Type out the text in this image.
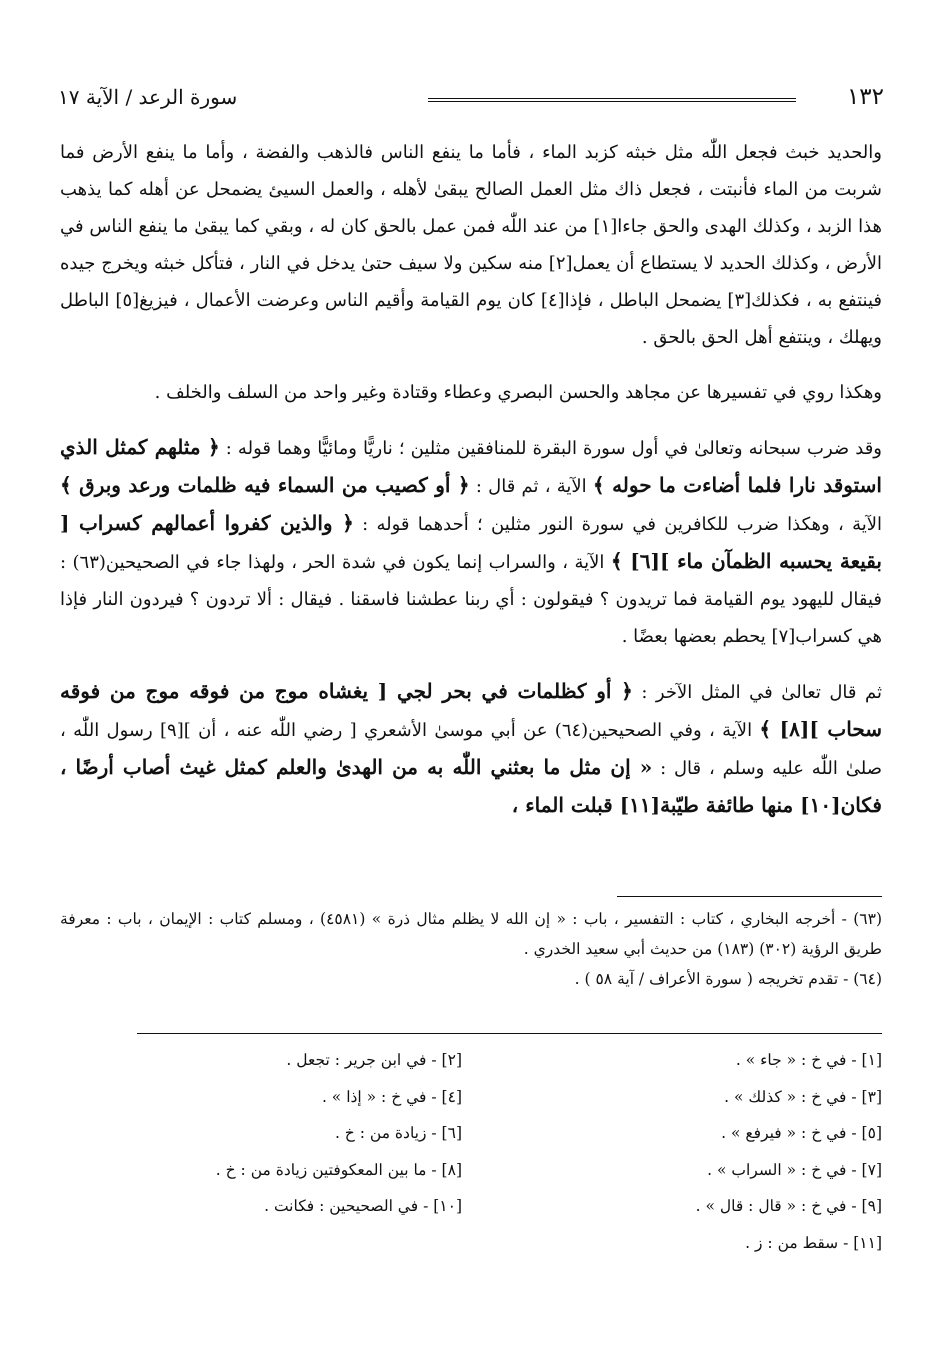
١٣٢
سورة الرعد / الآية ١٧

والحديد خبث فجعل اللّٰه مثل خبثه كزبد الماء ، فأما ما ينفع الناس فالذهب والفضة ، وأما ما ينفع الأرض فما شربت من الماء فأنبتت ، فجعل ذاك مثل العمل الصالح يبقىٰ لأهله ، والعمل السيئ يضمحل عن أهله كما يذهب هذا الزبد ، وكذلك الهدى والحق جاءا[١] من عند اللّٰه فمن عمل بالحق كان له ، وبقي كما يبقىٰ ما ينفع الناس في الأرض ، وكذلك الحديد لا يستطاع أن يعمل[٢] منه سكين ولا سيف حتىٰ يدخل في النار ، فتأكل خبثه ويخرج جيده فينتفع به ، فكذلك[٣] يضمحل الباطل ، فإذا[٤] كان يوم القيامة وأقيم الناس وعرضت الأعمال ، فيزيغ[٥] الباطل ويهلك ، وينتفع أهل الحق بالحق .

وهكذا روي في تفسيرها عن مجاهد والحسن البصري وعطاء وقتادة وغير واحد من السلف والخلف .

وقد ضرب سبحانه وتعالىٰ في أول سورة البقرة للمنافقين مثلين ؛ ناريًّا ومائيًّا وهما قوله : ﴿ مثلهم كمثل الذي استوقد نارا فلما أضاءت ما حوله ﴾ الآية ، ثم قال : ﴿ أو كصيب من السماء فيه ظلمات ورعد وبرق ﴾ الآية ، وهكذا ضرب للكافرين في سورة النور مثلين ؛ أحدهما قوله : ﴿ والذين كفروا أعمالهم كسراب [ بقيعة يحسبه الظمآن ماء ][٦] ﴾ الآية ، والسراب إنما يكون في شدة الحر ، ولهذا جاء في الصحيحين(٦٣) : فيقال لليهود يوم القيامة فما تريدون ؟ فيقولون : أي ربنا عطشنا فاسقنا . فيقال : ألا تردون ؟ فيردون النار فإذا هي كسراب[٧] يحطم بعضها بعضًا .

ثم قال تعالىٰ في المثل الآخر : ﴿ أو كظلمات في بحر لجي [ يغشاه موج من فوقه موج من فوقه سحاب ][٨] ﴾ الآية ، وفي الصحيحين(٦٤) عن أبي موسىٰ الأشعري [ رضي اللّٰه عنه ، أن ][٩] رسول اللّٰه ، صلىٰ اللّٰه عليه وسلم ، قال : « إن مثل ما بعثني اللّٰه به من الهدىٰ والعلم كمثل غيث أصاب أرضًا ، فكان[١٠] منها طائفة طيّبة[١١] قبلت الماء ،

(٦٣) - أخرجه البخاري ، كتاب : التفسير ، باب : « إن الله لا يظلم مثال ذرة » (٤٥٨١) ، ومسلم كتاب : الإيمان ، باب : معرفة طريق الرؤية (٣٠٢) (١٨٣) من حديث أبي سعيد الخدري .

(٦٤) - تقدم تخريجه ( سورة الأعراف / آية ٥٨ ) .

[١] - في خ : « جاء » .
[٣] - في خ : « كذلك » .
[٥] - في خ : « فيرفع » .
[٧] - في خ : « السراب » .
[٩] - في خ : « قال : قال » .
[١١] - سقط من : ز .
[٢] - في ابن جرير : تجعل .
[٤] - في خ : « إذا » .
[٦] - زيادة من : خ .
[٨] - ما بين المعكوفتين زيادة من : خ .
[١٠] - في الصحيحين : فكانت .
